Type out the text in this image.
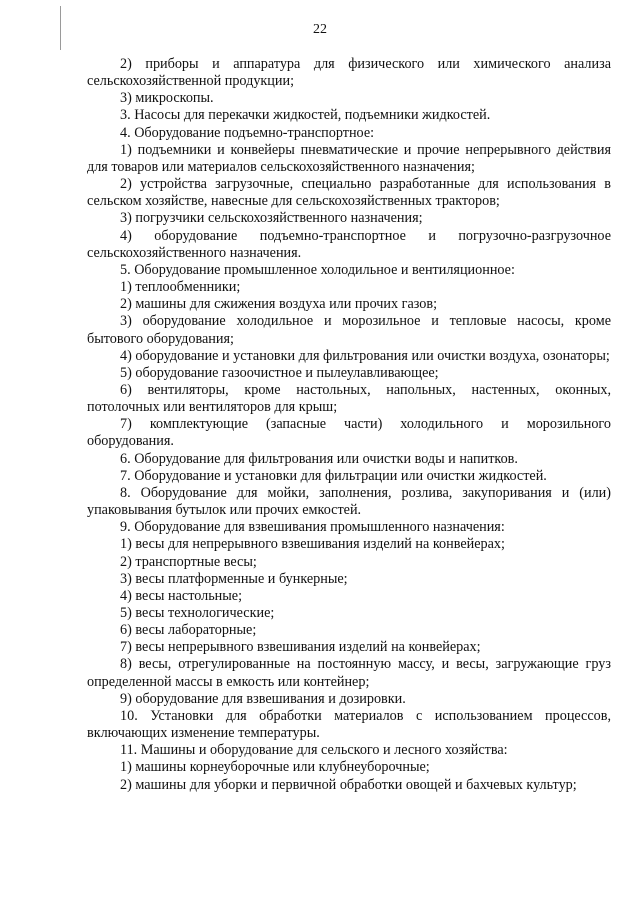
22

2) приборы и аппаратура для физического или химического анализа сельскохозяйственной продукции;

3) микроскопы.

3. Насосы для перекачки жидкостей, подъемники жидкостей.

4. Оборудование подъемно-транспортное:

1) подъемники и конвейеры пневматические и прочие непрерывного действия для товаров или материалов сельскохозяйственного назначения;

2) устройства загрузочные, специально разработанные для использования в сельском хозяйстве, навесные для сельскохозяйственных тракторов;

3) погрузчики сельскохозяйственного назначения;

4) оборудование подъемно-транспортное и погрузочно-разгрузочное сельскохозяйственного назначения.

5. Оборудование промышленное холодильное и вентиляционное:

1) теплообменники;

2) машины для сжижения воздуха или прочих газов;

3) оборудование холодильное и морозильное и тепловые насосы, кроме бытового оборудования;

4) оборудование и установки для фильтрования или очистки воздуха, озонаторы;

5) оборудование газоочистное и пылеулавливающее;

6) вентиляторы, кроме настольных, напольных, настенных, оконных, потолочных или вентиляторов для крыш;

7) комплектующие (запасные части) холодильного и морозильного оборудования.

6. Оборудование для фильтрования или очистки воды и напитков.

7. Оборудование и установки для фильтрации или очистки жидкостей.

8. Оборудование для мойки, заполнения, розлива, закупоривания и (или) упаковывания бутылок или прочих емкостей.

9. Оборудование для взвешивания промышленного назначения:

1) весы для непрерывного взвешивания изделий на конвейерах;

2) транспортные весы;

3) весы платформенные и бункерные;

4) весы настольные;

5) весы технологические;

6) весы лабораторные;

7) весы непрерывного взвешивания изделий на конвейерах;

8) весы, отрегулированные на постоянную массу, и весы, загружающие груз определенной массы в емкость или контейнер;

9) оборудование для взвешивания и дозировки.

10. Установки для обработки материалов с использованием процессов, включающих изменение температуры.

11. Машины и оборудование для сельского и лесного хозяйства:

1) машины корнеуборочные или клубнеуборочные;

2) машины для уборки и первичной обработки овощей и бахчевых культур;
